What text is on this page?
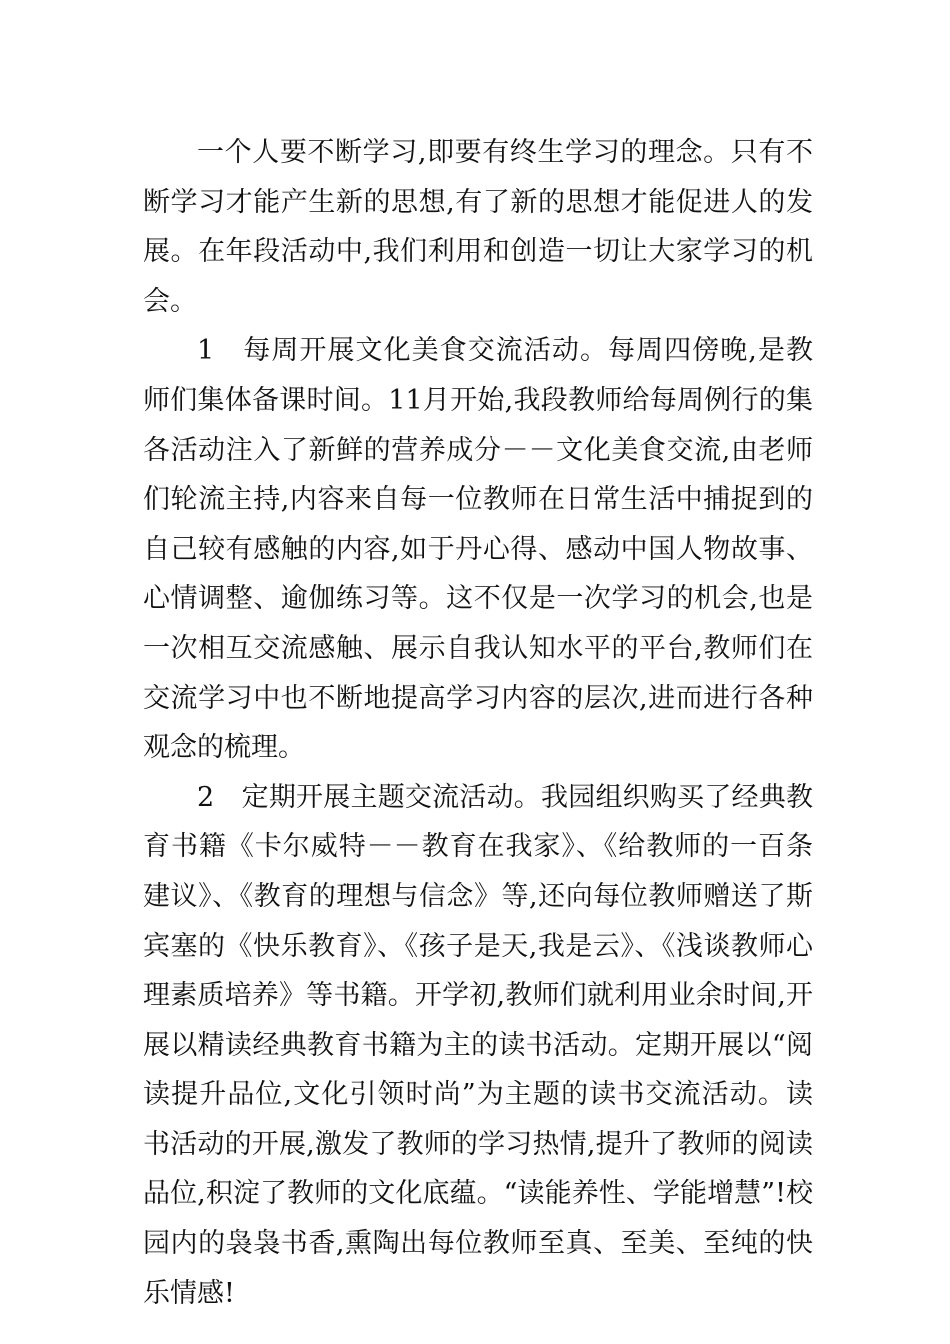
一个人要不断学习,即要有终生学习的理念。只有不断学习才能产生新的思想,有了新的思想才能促进人的发展。在年段活动中,我们利用和创造一切让大家学习的机会。

1　每周开展文化美食交流活动。每周四傍晚,是教师们集体备课时间。11月开始,我段教师给每周例行的集各活动注入了新鲜的营养成分－－文化美食交流,由老师们轮流主持,内容来自每一位教师在日常生活中捕捉到的自己较有感触的内容,如于丹心得、感动中国人物故事、心情调整、逾伽练习等。这不仅是一次学习的机会,也是一次相互交流感触、展示自我认知水平的平台,教师们在交流学习中也不断地提高学习内容的层次,进而进行各种观念的梳理。

2　定期开展主题交流活动。我园组织购买了经典教育书籍《卡尔威特－－教育在我家》、《给教师的一百条建议》、《教育的理想与信念》等,还向每位教师赠送了斯宾塞的《快乐教育》、《孩子是天,我是云》、《浅谈教师心理素质培养》等书籍。开学初,教师们就利用业余时间,开展以精读经典教育书籍为主的读书活动。定期开展以“阅读提升品位,文化引领时尚”为主题的读书交流活动。读书活动的开展,激发了教师的学习热情,提升了教师的阅读品位,积淀了教师的文化底蕴。“读能养性、学能增慧”!校园内的袅袅书香,熏陶出每位教师至真、至美、至纯的快乐情感!
